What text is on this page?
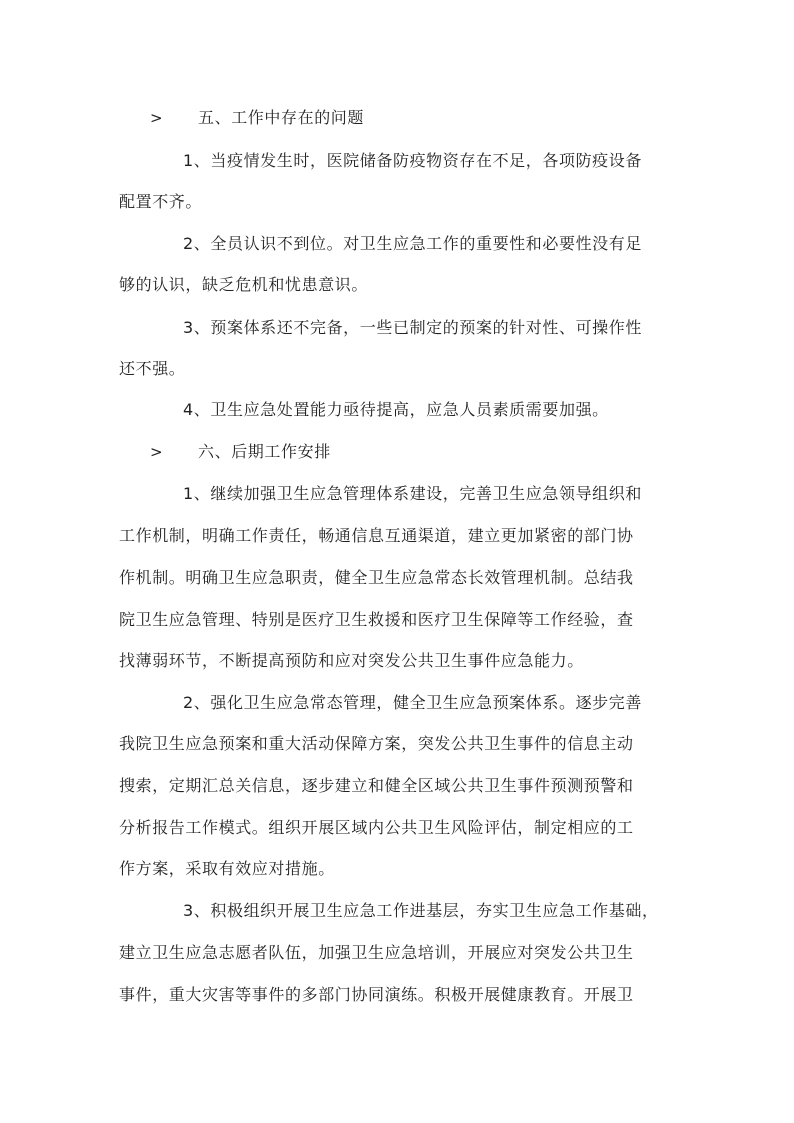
> 五、工作中存在的问题
1、当疫情发生时，医院储备防疫物资存在不足，各项防疫设备
配置不齐。
2、全员认识不到位。对卫生应急工作的重要性和必要性没有足
够的认识，缺乏危机和忧患意识。
3、预案体系还不完备，一些已制定的预案的针对性、可操作性
还不强。
4、卫生应急处置能力亟待提高，应急人员素质需要加强。
> 六、后期工作安排
1、继续加强卫生应急管理体系建设，完善卫生应急领导组织和
工作机制，明确工作责任，畅通信息互通渠道，建立更加紧密的部门协
作机制。明确卫生应急职责，健全卫生应急常态长效管理机制。总结我
院卫生应急管理、特别是医疗卫生救援和医疗卫生保障等工作经验，查
找薄弱环节，不断提高预防和应对突发公共卫生事件应急能力。
2、强化卫生应急常态管理，健全卫生应急预案体系。逐步完善
我院卫生应急预案和重大活动保障方案，突发公共卫生事件的信息主动
搜索，定期汇总关信息，逐步建立和健全区域公共卫生事件预测预警和
分析报告工作模式。组织开展区域内公共卫生风险评估，制定相应的工
作方案，采取有效应对措施。
3、积极组织开展卫生应急工作进基层，夯实卫生应急工作基础，
建立卫生应急志愿者队伍，加强卫生应急培训，开展应对突发公共卫生
事件，重大灾害等事件的多部门协同演练。积极开展健康教育。开展卫
